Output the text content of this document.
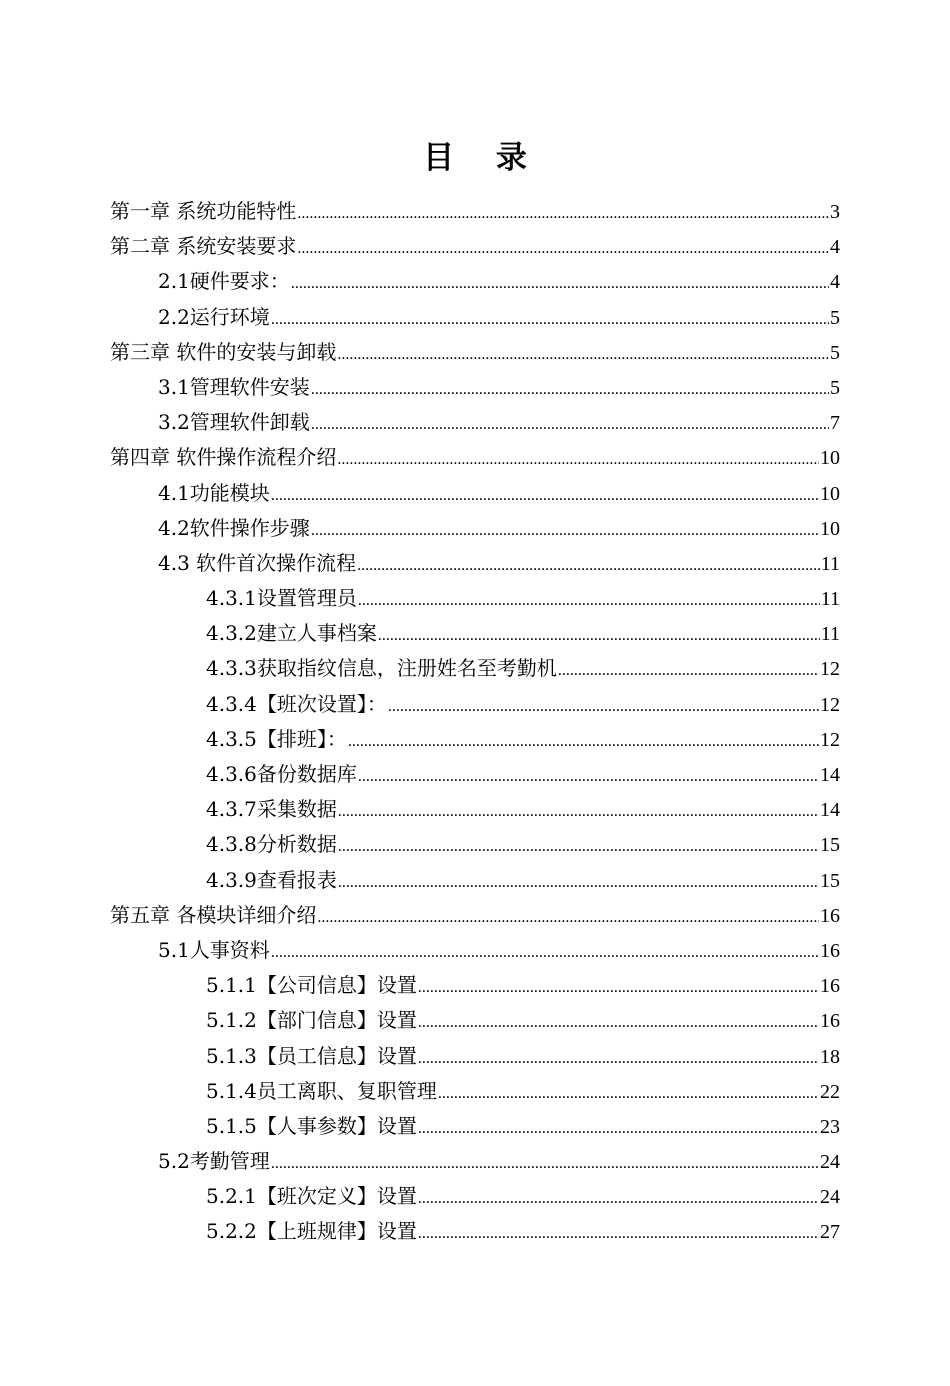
目 录
第一章 系统功能特性 .....	3
第二章 系统安装要求 .....	4
2.1硬件要求： .....	4
2.2运行环境 .....	5
第三章 软件的安装与卸载 .....	5
3.1管理软件安装 .....	5
3.2管理软件卸载 .....	7
第四章 软件操作流程介绍 .....	10
4.1功能模块 .....	10
4.2软件操作步骤 .....	10
4.3 软件首次操作流程 .....	11
4.3.1设置管理员 .....	11
4.3.2建立人事档案 .....	11
4.3.3获取指纹信息，注册姓名至考勤机 .....	12
4.3.4【班次设置】： .....	12
4.3.5【排班】： .....	12
4.3.6备份数据库 .....	14
4.3.7采集数据 .....	14
4.3.8分析数据 .....	15
4.3.9查看报表 .....	15
第五章 各模块详细介绍 .....	16
5.1人事资料 .....	16
5.1.1【公司信息】设置 .....	16
5.1.2【部门信息】设置 .....	16
5.1.3【员工信息】设置 .....	18
5.1.4员工离职、复职管理 .....	22
5.1.5【人事参数】设置 .....	23
5.2考勤管理 .....	24
5.2.1【班次定义】设置 .....	24
5.2.2【上班规律】设置 .....	27
